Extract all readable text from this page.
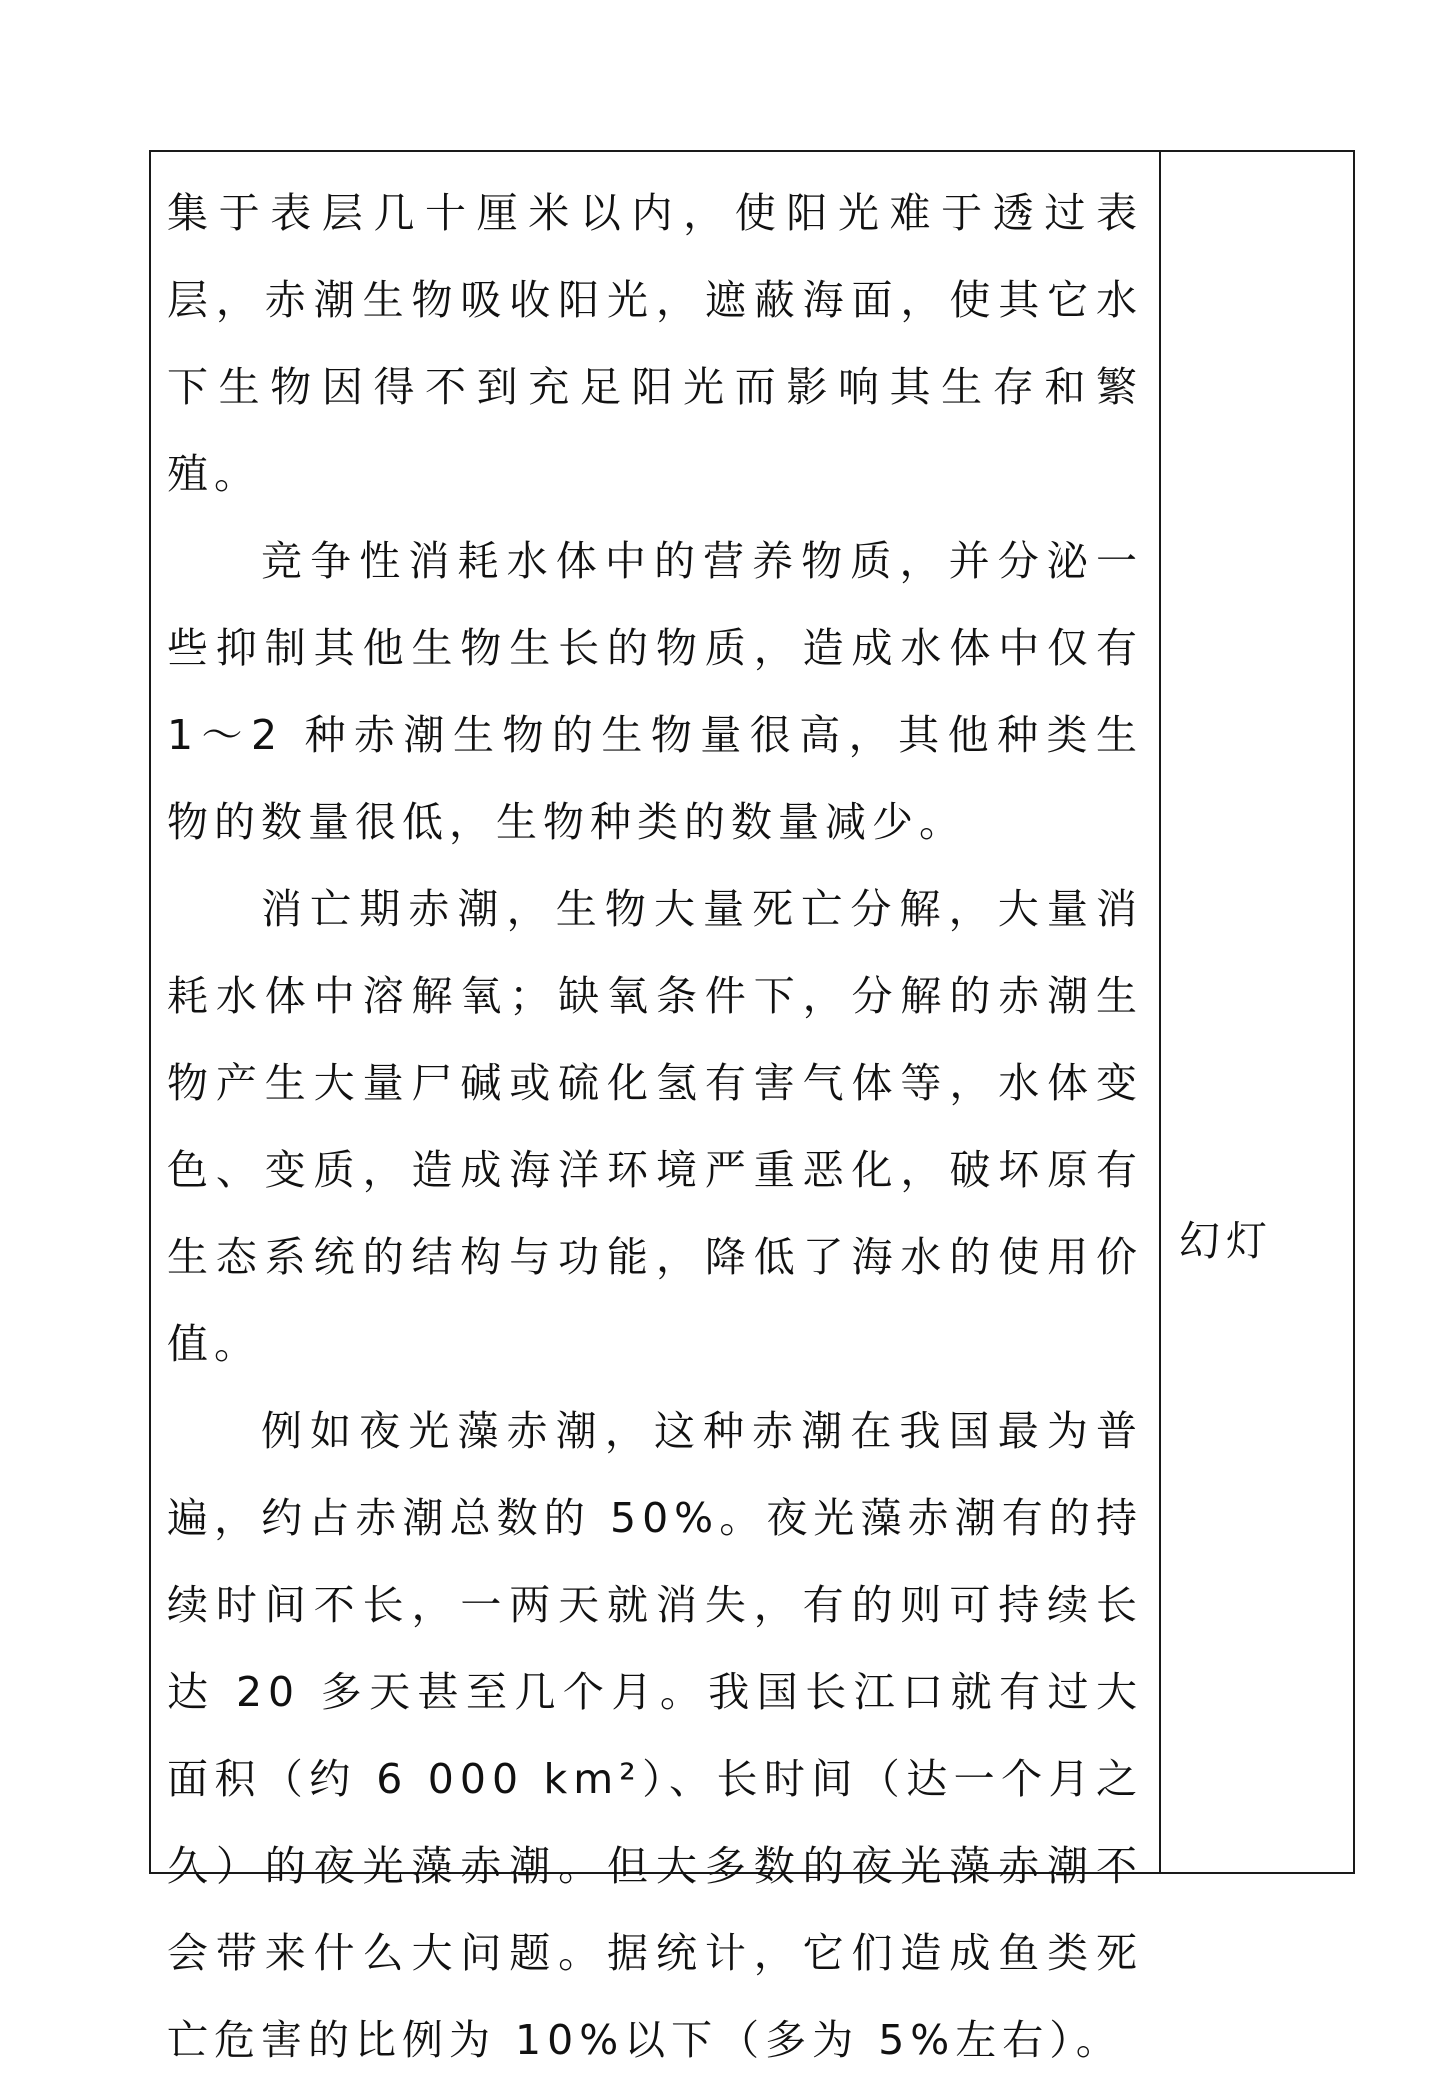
集于表层几十厘米以内，使阳光难于透过表层，赤潮生物吸收阳光，遮蔽海面，使其它水下生物因得不到充足阳光而影响其生存和繁殖。

竞争性消耗水体中的营养物质，并分泌一些抑制其他生物生长的物质，造成水体中仅有 1～2 种赤潮生物的生物量很高，其他种类生物的数量很低，生物种类的数量减少。

消亡期赤潮，生物大量死亡分解，大量消耗水体中溶解氧；缺氧条件下，分解的赤潮生物产生大量尸碱或硫化氢有害气体等，水体变色、变质，造成海洋环境严重恶化，破坏原有生态系统的结构与功能，降低了海水的使用价值。

例如夜光藻赤潮，这种赤潮在我国最为普遍，约占赤潮总数的 50%。夜光藻赤潮有的持续时间不长，一两天就消失，有的则可持续长达 20 多天甚至几个月。我国长江口就有过大面积（约 6 000 km²）、长时间（达一个月之久）的夜光藻赤潮。但大多数的夜光藻赤潮不会带来什么大问题。据统计，它们造成鱼类死亡危害的比例为 10%以下（多为 5%左右）。

幻灯
